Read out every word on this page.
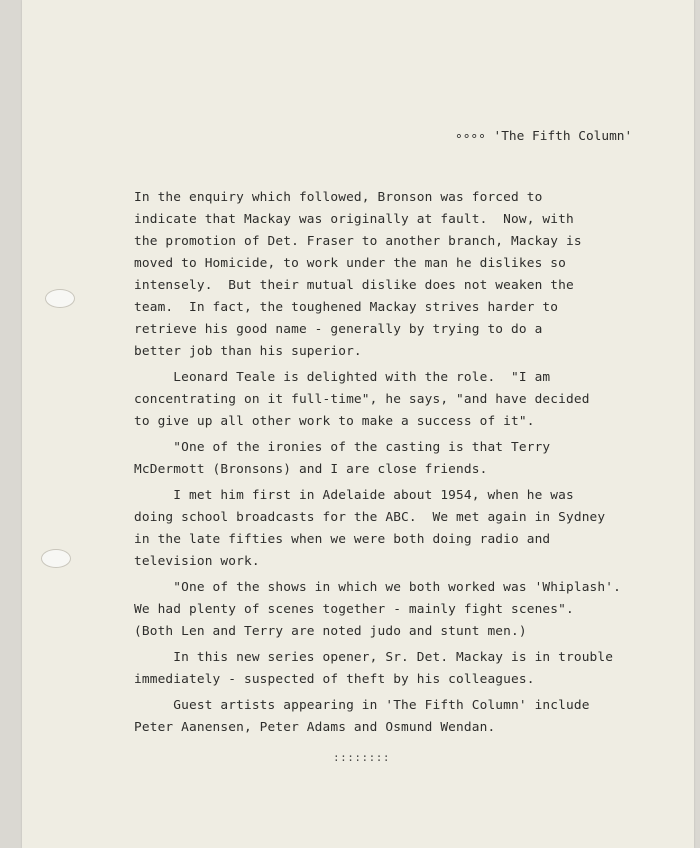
∘∘∘∘ 'The Fifth Column'
In the enquiry which followed, Bronson was forced to
indicate that Mackay was originally at fault.  Now, with
the promotion of Det. Fraser to another branch, Mackay is
moved to Homicide, to work under the man he dislikes so
intensely.  But their mutual dislike does not weaken the
team.  In fact, the toughened Mackay strives harder to
retrieve his good name - generally by trying to do a
better job than his superior.
Leonard Teale is delighted with the role.  "I am
concentrating on it full-time", he says, "and have decided
to give up all other work to make a success of it".
"One of the ironies of the casting is that Terry
McDermott (Bronsons) and I are close friends.
I met him first in Adelaide about 1954, when he was
doing school broadcasts for the ABC.  We met again in Sydney
in the late fifties when we were both doing radio and
television work.
"One of the shows in which we both worked was 'Whiplash'.
We had plenty of scenes together - mainly fight scenes".
(Both Len and Terry are noted judo and stunt men.)
In this new series opener, Sr. Det. Mackay is in trouble
immediately - suspected of theft by his colleagues.
Guest artists appearing in 'The Fifth Column' include
Peter Aanensen, Peter Adams and Osmund Wendan.
::::::::
